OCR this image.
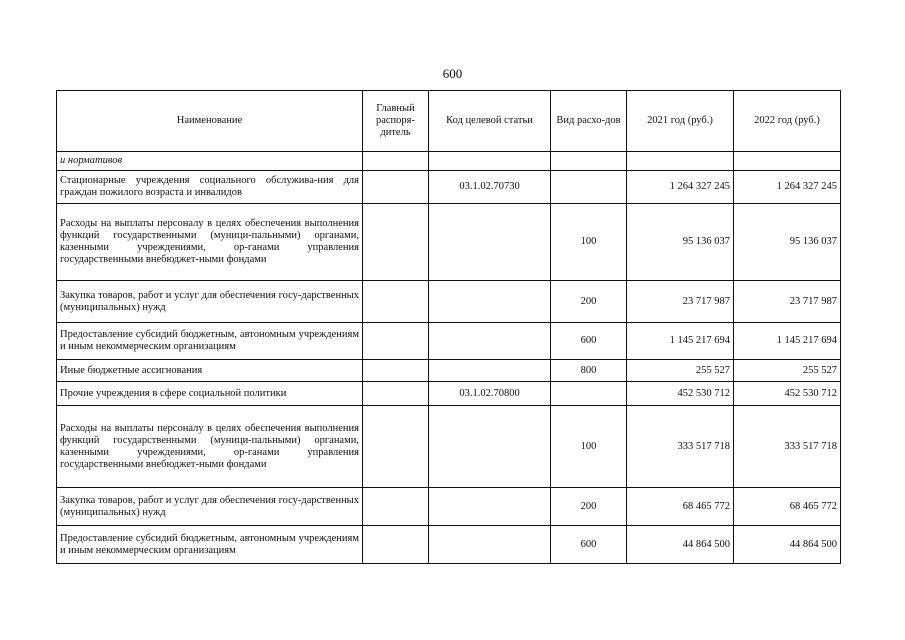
600
Наименование	Главный распоря-дитель	Код целевой статьи	Вид расхо-дов	2021 год (руб.)	2022 год (руб.)
и нормативов					
Стационарные учреждения социального обслужива-ния для граждан пожилого возраста и инвалидов		03.1.02.70730		1 264 327 245	1 264 327 245
Расходы на выплаты персоналу в целях обеспечения выполнения функций государственными (муници-пальными) органами, казенными учреждениями, ор-ганами управления государственными внебюджет-ными фондами			100	95 136 037	95 136 037
Закупка товаров, работ и услуг для обеспечения госу-дарственных (муниципальных) нужд			200	23 717 987	23 717 987
Предоставление субсидий бюджетным, автономным учреждениям и иным некоммерческим организациям			600	1 145 217 694	1 145 217 694
Иные бюджетные ассигнования			800	255 527	255 527
Прочие учреждения в сфере социальной политики		03.1.02.70800		452 530 712	452 530 712
Расходы на выплаты персоналу в целях обеспечения выполнения функций государственными (муници-пальными) органами, казенными учреждениями, ор-ганами управления государственными внебюджет-ными фондами			100	333 517 718	333 517 718
Закупка товаров, работ и услуг для обеспечения госу-дарственных (муниципальных) нужд			200	68 465 772	68 465 772
Предоставление субсидий бюджетным, автономным учреждениям и иным некоммерческим организациям			600	44 864 500	44 864 500
